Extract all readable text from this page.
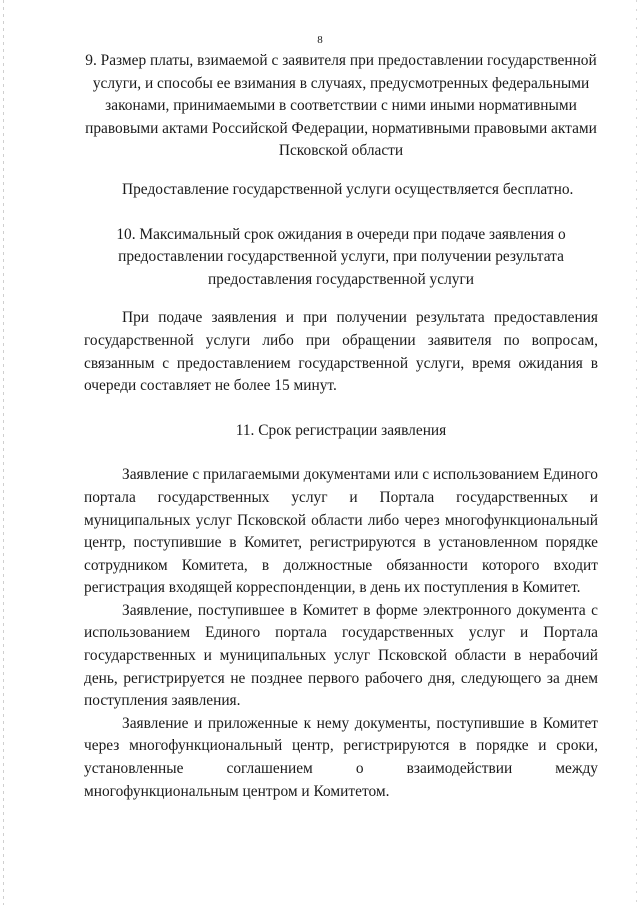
8

9. Размер платы, взимаемой с заявителя при предоставлении государственной услуги, и способы ее взимания в случаях, предусмотренных федеральными законами, принимаемыми в соответствии с ними иными нормативными правовыми актами Российской Федерации, нормативными правовыми актами Псковской области

Предоставление государственной услуги осуществляется бесплатно.

10. Максимальный срок ожидания в очереди при подаче заявления о предоставлении государственной услуги, при получении результата предоставления государственной услуги

При подаче заявления и при получении результата предоставления государственной услуги либо при обращении заявителя по вопросам, связанным с предоставлением государственной услуги, время ожидания в очереди составляет не более 15 минут.

11. Срок регистрации заявления

Заявление с прилагаемыми документами или с использованием Единого портала государственных услуг и Портала государственных и муниципальных услуг Псковской области либо через многофункциональный центр, поступившие в Комитет, регистрируются в установленном порядке сотрудником Комитета, в должностные обязанности которого входит регистрация входящей корреспонденции, в день их поступления в Комитет.

Заявление, поступившее в Комитет в форме электронного документа с использованием Единого портала государственных услуг и Портала государственных и муниципальных услуг Псковской области в нерабочий день, регистрируется не позднее первого рабочего дня, следующего за днем поступления заявления.

Заявление и приложенные к нему документы, поступившие в Комитет через многофункциональный центр, регистрируются в порядке и сроки, установленные соглашением о взаимодействии между многофункциональным центром и Комитетом.
